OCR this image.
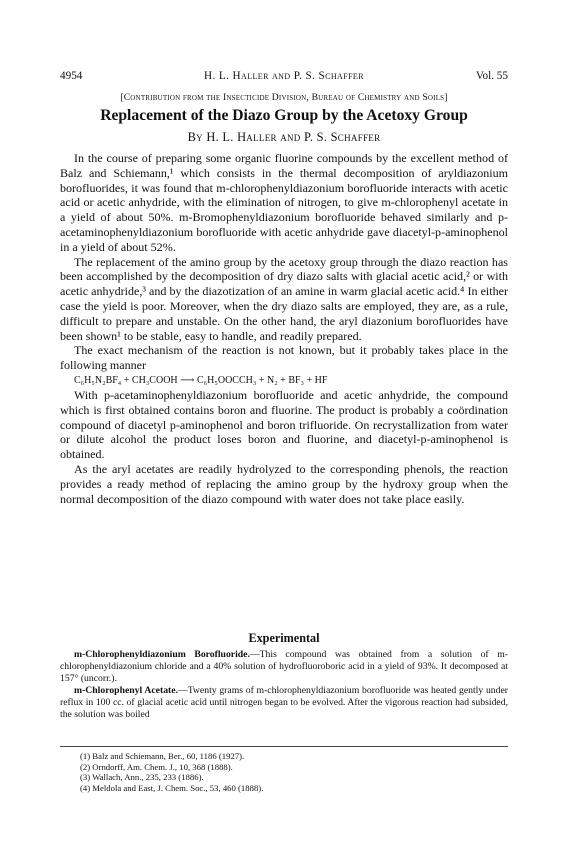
4954	H. L. Haller and P. S. Schaffer	Vol. 55
[Contribution from the Insecticide Division, Bureau of Chemistry and Soils]
Replacement of the Diazo Group by the Acetoxy Group
By H. L. Haller and P. S. Schaffer

In the course of preparing some organic fluorine compounds by the excellent method of Balz and Schiemann,¹ which consists in the thermal decomposition of aryldiazonium borofluorides, it was found that m-chlorophenyldiazonium borofluoride interacts with acetic acid or acetic anhydride, with the elimination of nitrogen, to give m-chlorophenyl acetate in a yield of about 50%. m-Bromophenyldiazonium borofluoride behaved similarly and p-acetaminophenyldiazonium borofluoride with acetic anhydride gave diacetyl-p-aminophenol in a yield of about 52%.

The replacement of the amino group by the acetoxy group through the diazo reaction has been accomplished by the decomposition of dry diazo salts with glacial acetic acid,² or with acetic anhydride,³ and by the diazotization of an amine in warm glacial acetic acid.⁴ In either case the yield is poor. Moreover, when the dry diazo salts are employed, they are, as a rule, difficult to prepare and unstable. On the other hand, the aryl diazonium borofluorides have been shown¹ to be stable, easy to handle, and readily prepared.

The exact mechanism of the reaction is not known, but it probably takes place in the following manner

C₆H₅N₂BF₄ + CH₃COOH ⟶ C₆H₅OOCCH₃ + N₂ + BF₃ + HF

With p-acetaminophenyldiazonium borofluoride and acetic anhydride, the compound which is first obtained contains boron and fluorine. The product is probably a coördination compound of diacetyl p-aminophenol and boron trifluoride. On recrystallization from water or dilute alcohol the product loses boron and fluorine, and diacetyl-p-aminophenol is obtained.

As the aryl acetates are readily hydrolyzed to the corresponding phenols, the reaction provides a ready method of replacing the amino group by the hydroxy group when the normal decomposition of the diazo compound with water does not take place easily.

Experimental

m-Chlorophenyldiazonium Borofluoride.—This compound was obtained from a solution of m-chlorophenyldiazonium chloride and a 40% solution of hydrofluoroboric acid in a yield of 93%. It decomposed at 157° (uncorr.).

m-Chlorophenyl Acetate.—Twenty grams of m-chlorophenyldiazonium borofluoride was heated gently under reflux in 100 cc. of glacial acetic acid until nitrogen began to be evolved. After the vigorous reaction had subsided, the solution was boiled

(1) Balz and Schiemann, Ber., 60, 1186 (1927).
(2) Orndorff, Am. Chem. J., 10, 368 (1888).
(3) Wallach, Ann., 235, 233 (1886).
(4) Meldola and East, J. Chem. Soc., 53, 460 (1888).
